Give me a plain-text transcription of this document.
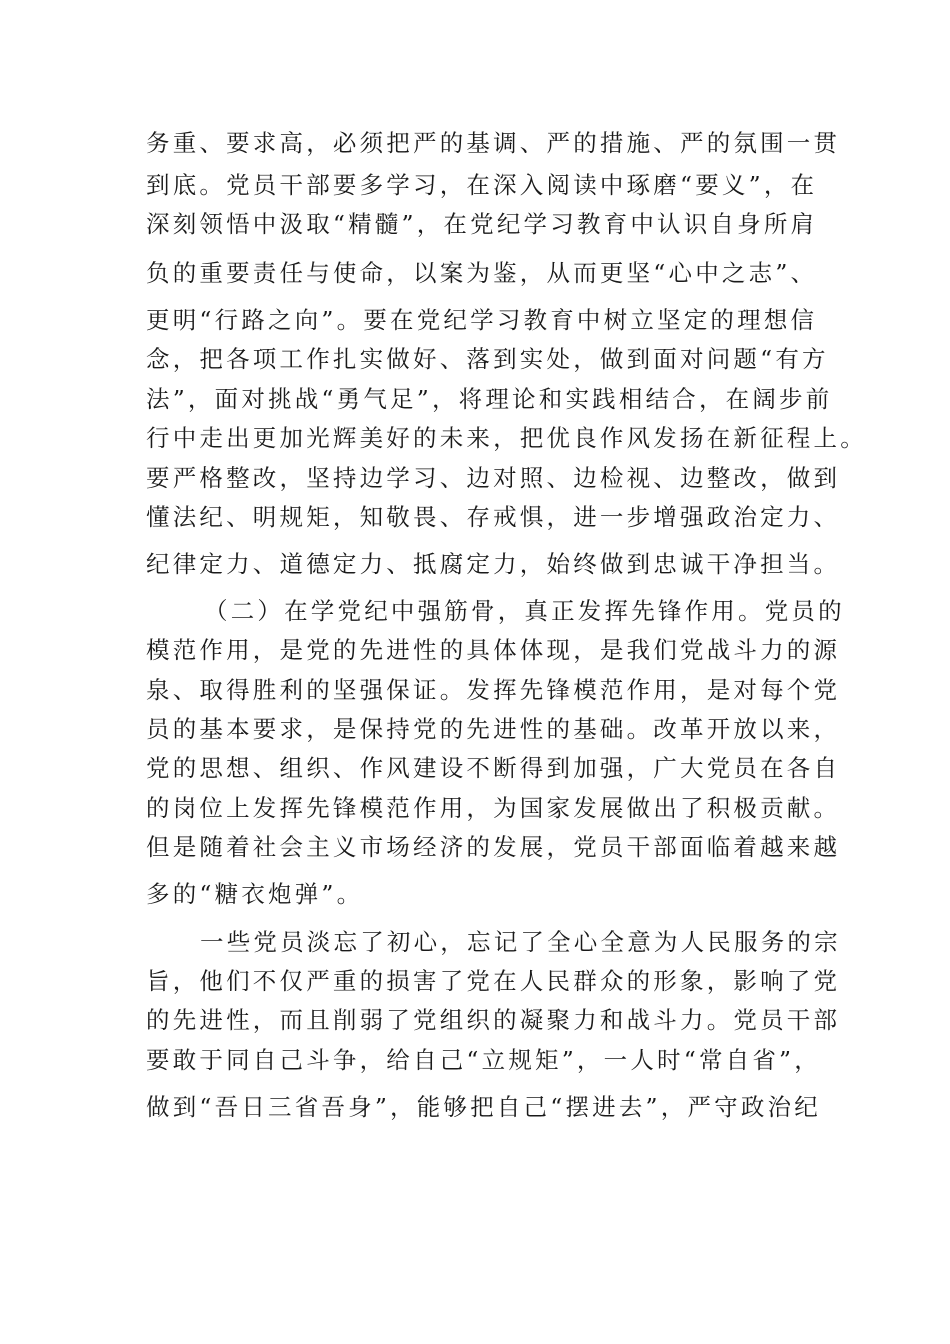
务重、要求高，必须把严的基调、严的措施、严的氛围一贯
到底。党员干部要多学习，在深入阅读中琢磨“要义”，在
深刻领悟中汲取“精髓”，在党纪学习教育中认识自身所肩
负的重要责任与使命，以案为鉴，从而更坚“心中之志”、
更明“行路之向”。要在党纪学习教育中树立坚定的理想信
念，把各项工作扎实做好、落到实处，做到面对问题“有方
法”，面对挑战“勇气足”，将理论和实践相结合，在阔步前
行中走出更加光辉美好的未来，把优良作风发扬在新征程上。
要严格整改，坚持边学习、边对照、边检视、边整改，做到
懂法纪、明规矩，知敬畏、存戒惧，进一步增强政治定力、
纪律定力、道德定力、抵腐定力，始终做到忠诚干净担当。
（二）在学党纪中强筋骨，真正发挥先锋作用。党员的
模范作用，是党的先进性的具体体现，是我们党战斗力的源
泉、取得胜利的坚强保证。发挥先锋模范作用，是对每个党
员的基本要求，是保持党的先进性的基础。改革开放以来，
党的思想、组织、作风建设不断得到加强，广大党员在各自
的岗位上发挥先锋模范作用，为国家发展做出了积极贡献。
但是随着社会主义市场经济的发展，党员干部面临着越来越
多的“糖衣炮弹”。
一些党员淡忘了初心，忘记了全心全意为人民服务的宗
旨，他们不仅严重的损害了党在人民群众的形象，影响了党
的先进性，而且削弱了党组织的凝聚力和战斗力。党员干部
要敢于同自己斗争，给自己“立规矩”，一人时“常自省”，
做到“吾日三省吾身”，能够把自己“摆进去”，严守政治纪
